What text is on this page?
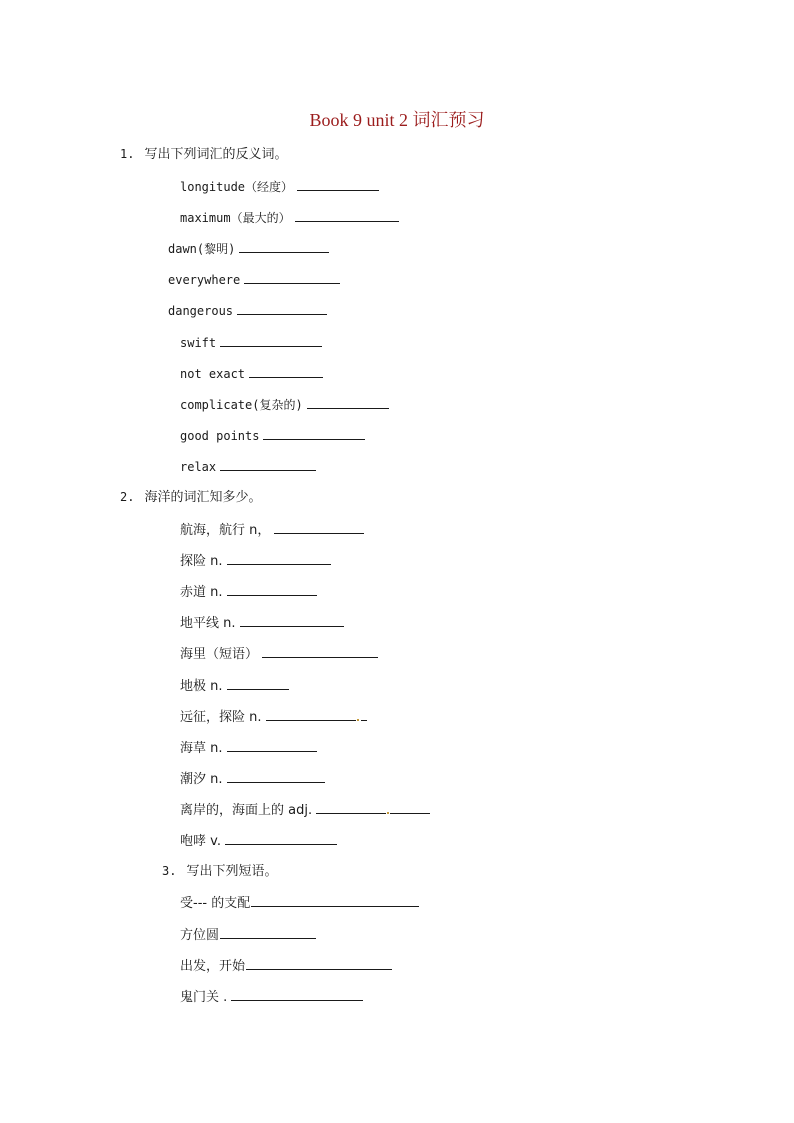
Book 9 unit 2 词汇预习
1. 写出下列词汇的反义词。
longitude（经度）
maximum（最大的）
dawn(黎明)
everywhere
dangerous
swift
not exact
complicate(复杂的)
good points
relax
2. 海洋的词汇知多少。
航海，航行 n，
探险 n.
赤道 n.
地平线 n.
海里（短语）
地极 n.
远征，探险 n.
海草 n.
潮汐 n.
离岸的，海面上的 adj.
咆哮 v.
3. 写出下列短语。
受--- 的支配
方位圆
出发，开始
鬼门关 .
